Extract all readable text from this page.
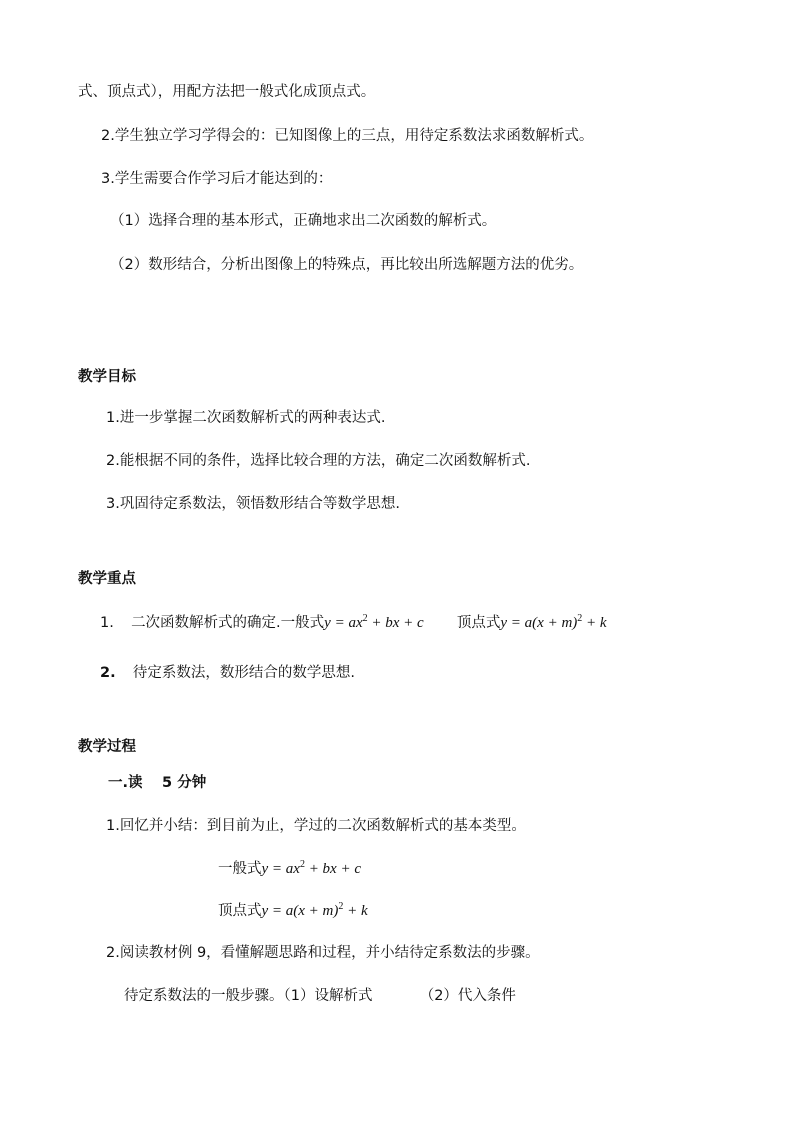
式、顶点式），用配方法把一般式化成顶点式。
2.学生独立学习学得会的：已知图像上的三点，用待定系数法求函数解析式。
3.学生需要合作学习后才能达到的：
（1）选择合理的基本形式，正确地求出二次函数的解析式。
（2）数形结合，分析出图像上的特殊点，再比较出所选解题方法的优劣。
教学目标
1.进一步掌握二次函数解析式的两种表达式.
2.能根据不同的条件，选择比较合理的方法，确定二次函数解析式.
3.巩固待定系数法，领悟数形结合等数学思想.
教学重点
1. 二次函数解析式的确定.一般式$y = ax^2$ + bx + c 顶点式$y = a(x + m)^2 + k$
2. 待定系数法，数形结合的数学思想.
教学过程
一.读　 5 分钟
1.回忆并小结：到目前为止，学过的二次函数解析式的基本类型。
一般式$y = ax^2$ + bx + c
顶点式$y = a(x + m)^2 + k$
2.阅读教材例 9，看懂解题思路和过程，并小结待定系数法的步骤。
待定系数法的一般步骤。（1）设解析式	（2）代入条件
